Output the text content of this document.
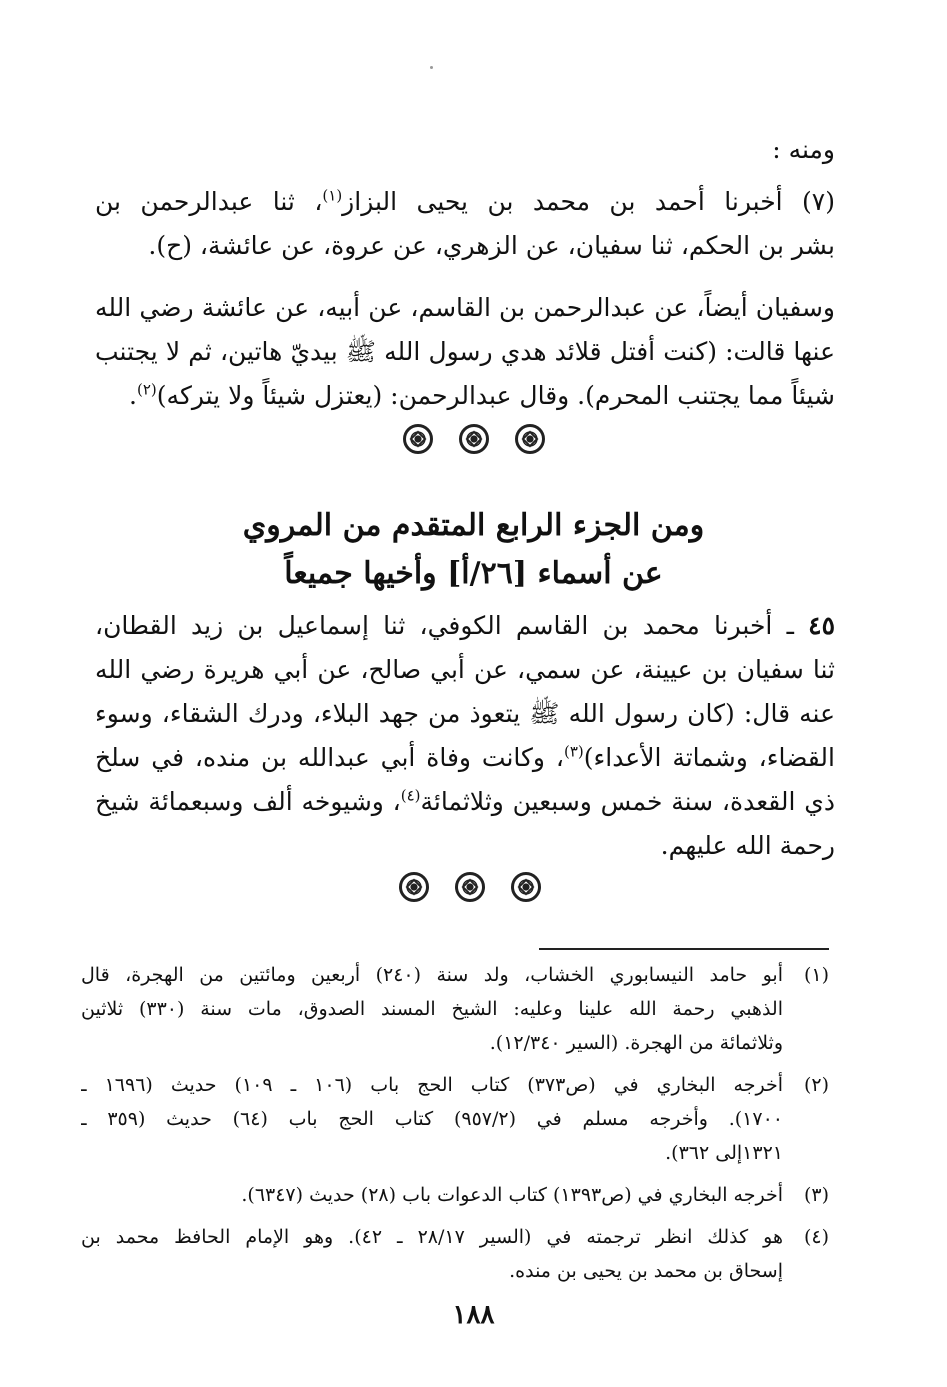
ومنه :
(٧) أخبرنا أحمد بن محمد بن يحيى البزاز$^{(١)}$، ثنا عبدالرحمن بن
بشر بن الحكم، ثنا سفيان، عن الزهري، عن عروة، عن عائشة، (ح).
وسفيان أيضاً، عن عبدالرحمن بن القاسم، عن أبيه، عن عائشة رضي الله
عنها قالت: (كنت أفتل قلائد هدي رسول الله ﷺ بيديّ هاتين، ثم لا يجتنب
شيئاً مما يجتنب المحرم). وقال عبدالرحمن: (يعتزل شيئاً ولا يتركه)$^{(٢)}$.
ومن الجزء الرابع المتقدم من المروي
عن أسماء [٢٦/أ] وأخيها جميعاً
٤٥ ـ أخبرنا محمد بن القاسم الكوفي، ثنا إسماعيل بن زيد القطان،
ثنا سفيان بن عيينة، عن سمي، عن أبي صالح، عن أبي هريرة رضي الله
عنه قال: (كان رسول الله ﷺ يتعوذ من جهد البلاء، ودرك الشقاء، وسوء
القضاء، وشماتة الأعداء)$^{(٣)}$، وكانت وفاة أبي عبدالله بن منده، في سلخ
ذي القعدة، سنة خمس وسبعين وثلاثمائة$^{(٤)}$، وشيوخه ألف وسبعمائة شيخ
رحمة الله عليهم.
(١)
أبو حامد النيسابوري الخشاب، ولد سنة (٢٤٠) أربعين ومائتين من الهجرة، قال
الذهبي رحمة الله علينا وعليه: الشيخ المسند الصدوق، مات سنة (٣٣٠) ثلاثين
وثلاثمائة من الهجرة. (السير ١٢/٣٤٠).
(٢)
أخرجه البخاري في (ص٣٧٣) كتاب الحج باب (١٠٦ ـ ١٠٩) حديث (١٦٩٦ ـ
١٧٠٠). وأخرجه مسلم في (٩٥٧/٢) كتاب الحج باب (٦٤) حديث (٣٥٩ ـ
١٣٢١إلى ٣٦٢).
(٣)
أخرجه البخاري في (ص١٣٩٣) كتاب الدعوات باب (٢٨) حديث (٦٣٤٧).
(٤)
هو كذلك انظر ترجمته في (السير ٢٨/١٧ ـ ٤٢). وهو الإمام الحافظ محمد بن
إسحاق بن محمد بن يحيى بن منده.
١٨٨
